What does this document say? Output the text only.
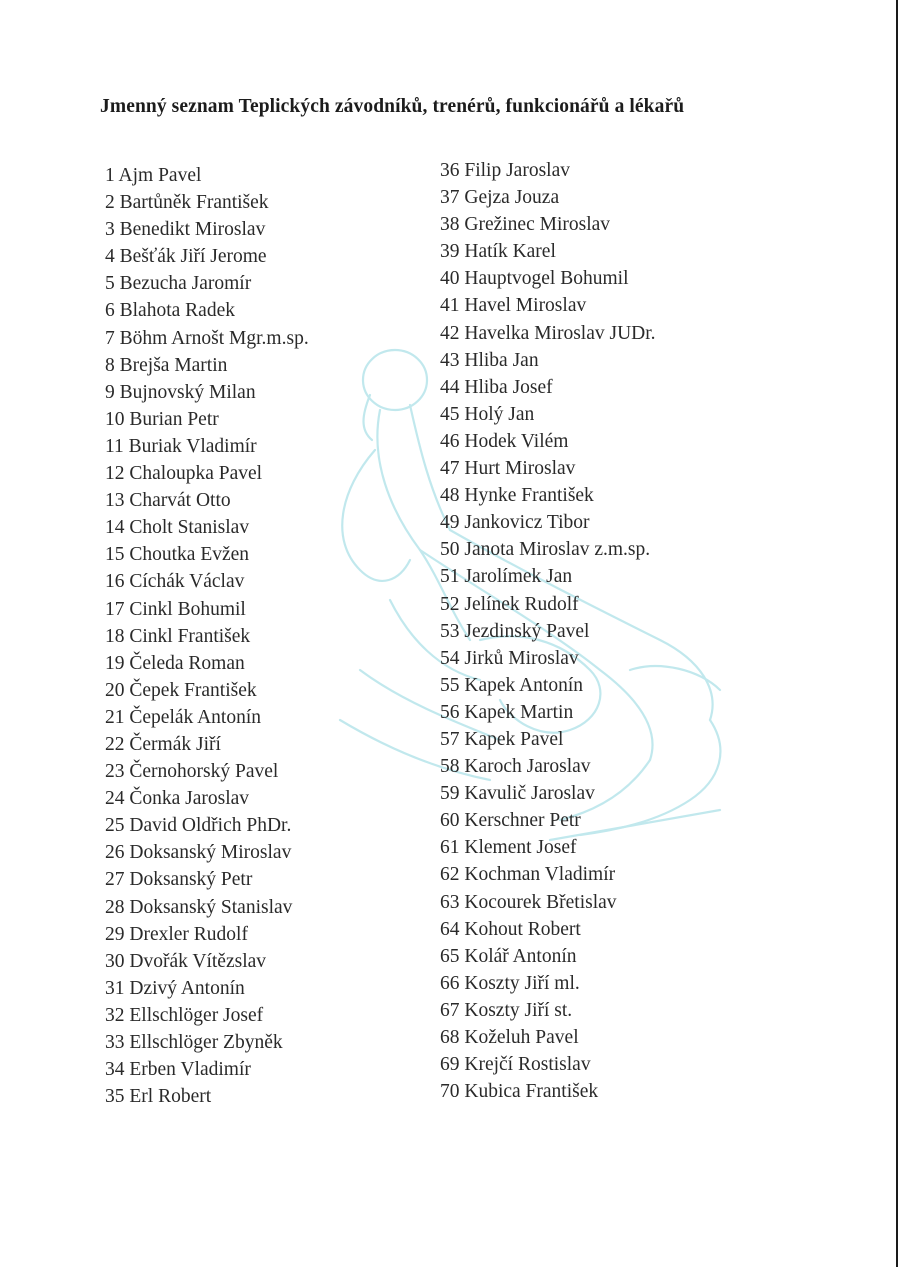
Jmenný seznam Teplických závodníků, trenérů, funkcionářů a lékařů
1 Ajm Pavel
2 Bartůněk František
3 Benedikt Miroslav
4 Bešťák Jiří Jerome
5 Bezucha Jaromír
6 Blahota Radek
7 Böhm Arnošt Mgr.m.sp.
8 Brejša Martin
9 Bujnovský Milan
10 Burian Petr
11 Buriak Vladimír
12 Chaloupka Pavel
13 Charvát Otto
14 Cholt Stanislav
15 Choutka Evžen
16 Cíchák Václav
17 Cinkl Bohumil
18 Cinkl František
19 Čeleda Roman
20 Čepek František
21 Čepelák Antonín
22 Čermák Jiří
23 Černohorský Pavel
24 Čonka Jaroslav
25 David Oldřich PhDr.
26 Doksanský Miroslav
27 Doksanský Petr
28 Doksanský Stanislav
29 Drexler Rudolf
30 Dvořák Vítězslav
31 Dzivý Antonín
32 Ellschlöger Josef
33 Ellschlöger Zbyněk
34 Erben Vladimír
35 Erl Robert
36 Filip Jaroslav
37 Gejza Jouza
38 Grežinec Miroslav
39 Hatík Karel
40 Hauptvogel Bohumil
41 Havel Miroslav
42 Havelka Miroslav JUDr.
43 Hliba Jan
44 Hliba Josef
45 Holý Jan
46 Hodek Vilém
47 Hurt Miroslav
48 Hynke František
49 Jankovicz Tibor
50 Janota Miroslav z.m.sp.
51 Jarolímek Jan
52 Jelínek Rudolf
53 Jezdinský Pavel
54 Jirků Miroslav
55 Kapek Antonín
56 Kapek Martin
57 Kapek Pavel
58 Karoch Jaroslav
59 Kavulič Jaroslav
60 Kerschner Petr
61 Klement Josef
62 Kochman Vladimír
63 Kocourek Břetislav
64 Kohout Robert
65 Kolář Antonín
66 Koszty Jiří ml.
67 Koszty Jiří st.
68 Koželuh Pavel
69 Krejčí Rostislav
70 Kubica František
